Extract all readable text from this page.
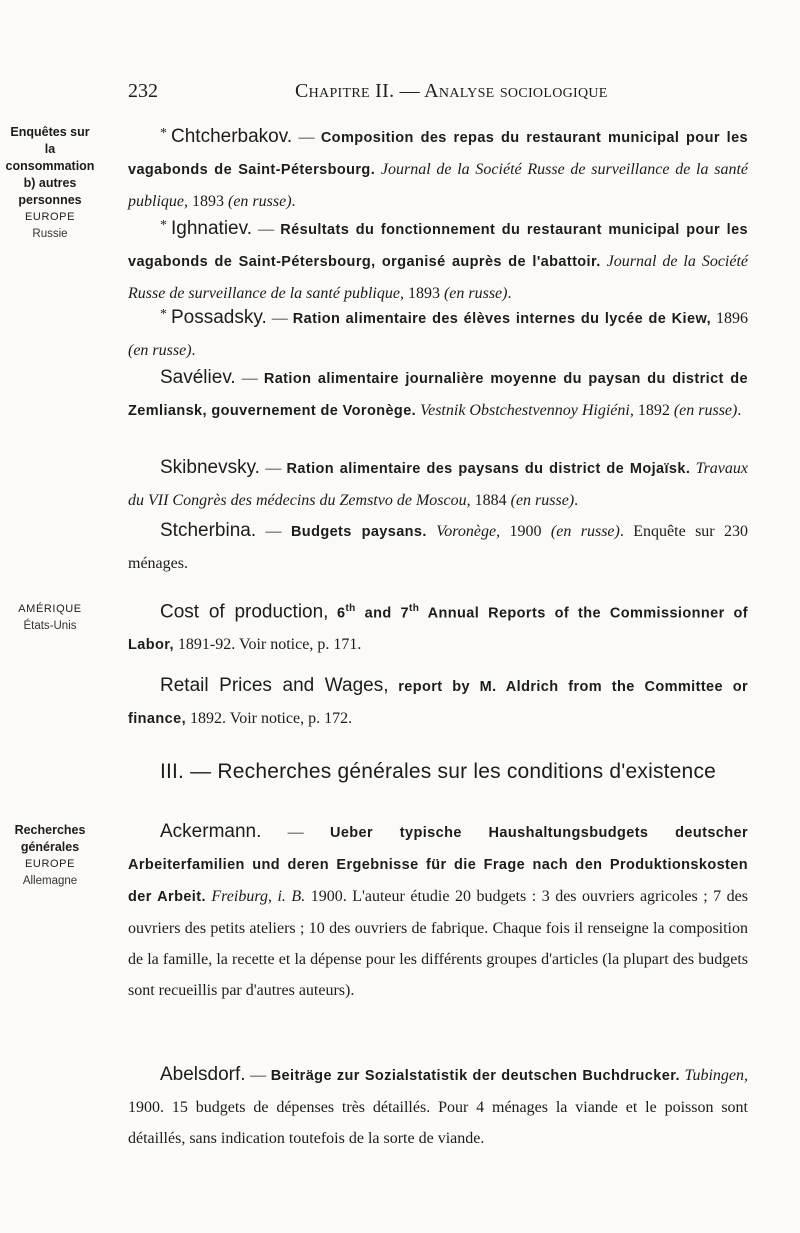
232	Chapitre II. — Analyse sociologique
Enquêtes sur
la consommation
b) autres
personnes
EUROPE
Russie
AMÉRIQUE
États-Unis
Recherches
générales
EUROPE
Allemagne
* Chtcherbakov. — Composition des repas du restaurant municipal pour les vagabonds de Saint-Pétersbourg. Journal de la Société Russe de surveillance de la santé publique, 1893 (en russe).
* Ighnatiev. — Résultats du fonctionnement du restaurant municipal pour les vagabonds de Saint-Pétersbourg, organisé auprès de l'abattoir. Journal de la Société Russe de surveillance de la santé publique, 1893 (en russe).
* Possadsky. — Ration alimentaire des élèves internes du lycée de Kiew, 1896 (en russe).
Savéliev. — Ration alimentaire journalière moyenne du paysan du district de Zemliansk, gouvernement de Voronège. Vestnik Obstchestvennoy Higiéni, 1892 (en russe).
Skibnevsky. — Ration alimentaire des paysans du district de Mojaïsk. Travaux du VII Congrès des médecins du Zemstvo de Moscou, 1884 (en russe).
Stcherbina. — Budgets paysans. Voronège, 1900 (en russe). Enquête sur 230 ménages.
Cost of production, 6th and 7th Annual Reports of the Commissionner of Labor, 1891-92. Voir notice, p. 171.
Retail Prices and Wages, report by M. Aldrich from the Committee or finance, 1892. Voir notice, p. 172.
III. — Recherches générales sur les conditions d'existence
Ackermann. — Ueber typische Haushaltungsbudgets deutscher Arbeiterfamilien und deren Ergebnisse für die Frage nach den Produktionskosten der Arbeit. Freiburg, i. B. 1900. L'auteur étudie 20 budgets : 3 des ouvriers agricoles ; 7 des ouvriers des petits ateliers ; 10 des ouvriers de fabrique. Chaque fois il renseigne la composition de la famille, la recette et la dépense pour les différents groupes d'articles (la plupart des budgets sont recueillis par d'autres auteurs).
Abelsdorf. — Beiträge zur Sozialstatistik der deutschen Buchdrucker. Tubingen, 1900. 15 budgets de dépenses très détaillés. Pour 4 ménages la viande et le poisson sont détaillés, sans indication toutefois de la sorte de viande.
